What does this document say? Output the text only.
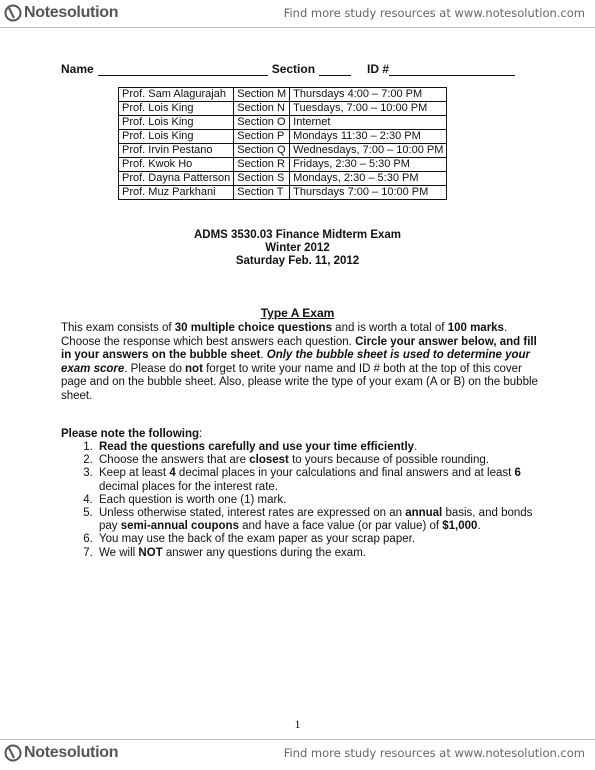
Notesolution	Find more study resources at www.notesolution.com
Name	Section	ID #
Prof. Sam Alagurajah	Section M	Thursdays 4:00 – 7:00 PM
Prof. Lois King	Section N	Tuesdays, 7:00 – 10:00 PM
Prof. Lois King	Section O	Internet
Prof. Lois King	Section P	Mondays 11:30 – 2:30 PM
Prof. Irvin Pestano	Section Q	Wednesdays, 7:00 – 10:00 PM
Prof. Kwok Ho	Section R	Fridays, 2:30 – 5:30 PM
Prof. Dayna Patterson	Section S	Mondays, 2:30 – 5:30 PM
Prof. Muz Parkhani	Section T	Thursdays 7:00 – 10:00 PM
ADMS 3530.03 Finance Midterm Exam
Winter 2012
Saturday Feb. 11, 2012
Type A Exam
This exam consists of 30 multiple choice questions and is worth a total of 100 marks. Choose the response which best answers each question. Circle your answer below, and fill in your answers on the bubble sheet. Only the bubble sheet is used to determine your exam score. Please do not forget to write your name and ID # both at the top of this cover page and on the bubble sheet. Also, please write the type of your exam (A or B) on the bubble sheet.
Please note the following:
1. Read the questions carefully and use your time efficiently.
2. Choose the answers that are closest to yours because of possible rounding.
3. Keep at least 4 decimal places in your calculations and final answers and at least 6 decimal places for the interest rate.
4. Each question is worth one (1) mark.
5. Unless otherwise stated, interest rates are expressed on an annual basis, and bonds pay semi-annual coupons and have a face value (or par value) of $1,000.
6. You may use the back of the exam paper as your scrap paper.
7. We will NOT answer any questions during the exam.
1
Notesolution	Find more study resources at www.notesolution.com
